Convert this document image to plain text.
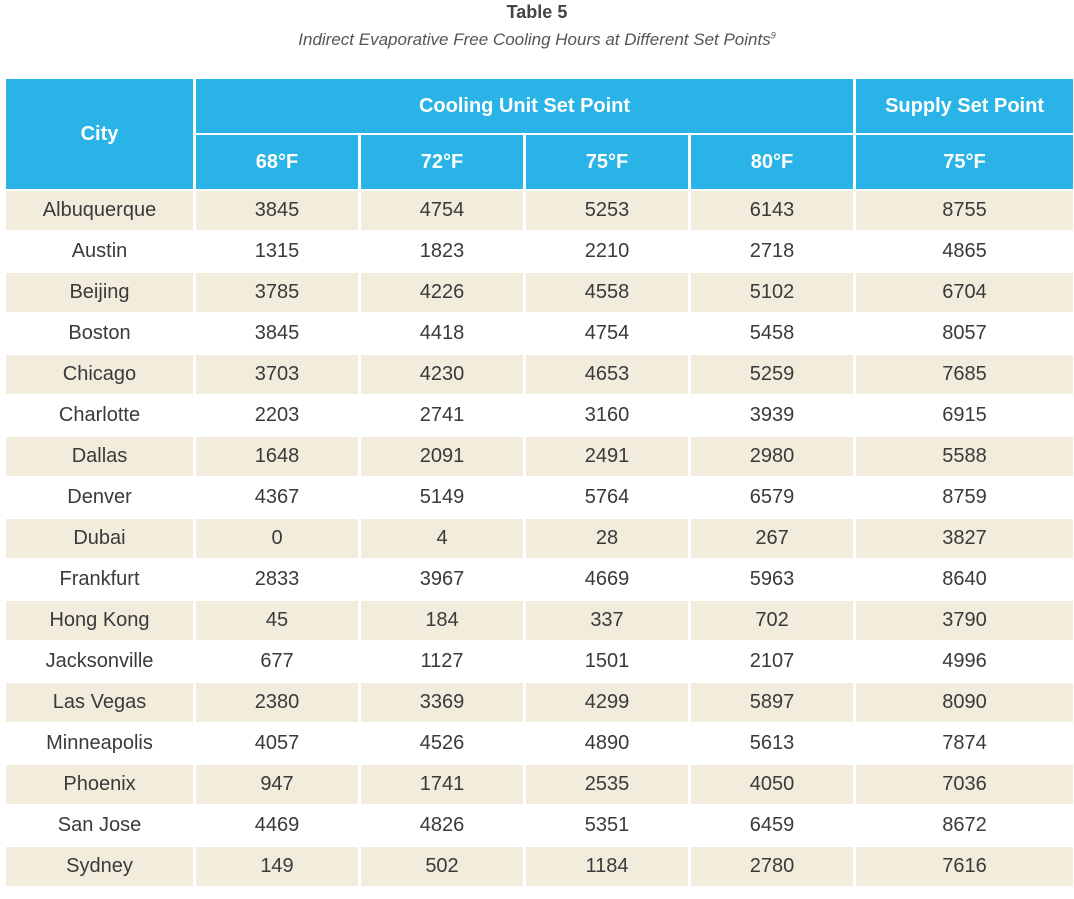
Table 5
Indirect Evaporative Free Cooling Hours at Different Set Points$^9$
City	Cooling Unit Set Point				Supply Set Point
	68°F	72°F	75°F	80°F	75°F
Albuquerque	3845	4754	5253	6143	8755
Austin	1315	1823	2210	2718	4865
Beijing	3785	4226	4558	5102	6704
Boston	3845	4418	4754	5458	8057
Chicago	3703	4230	4653	5259	7685
Charlotte	2203	2741	3160	3939	6915
Dallas	1648	2091	2491	2980	5588
Denver	4367	5149	5764	6579	8759
Dubai	0	4	28	267	3827
Frankfurt	2833	3967	4669	5963	8640
Hong Kong	45	184	337	702	3790
Jacksonville	677	1127	1501	2107	4996
Las Vegas	2380	3369	4299	5897	8090
Minneapolis	4057	4526	4890	5613	7874
Phoenix	947	1741	2535	4050	7036
San Jose	4469	4826	5351	6459	8672
Sydney	149	502	1184	2780	7616
